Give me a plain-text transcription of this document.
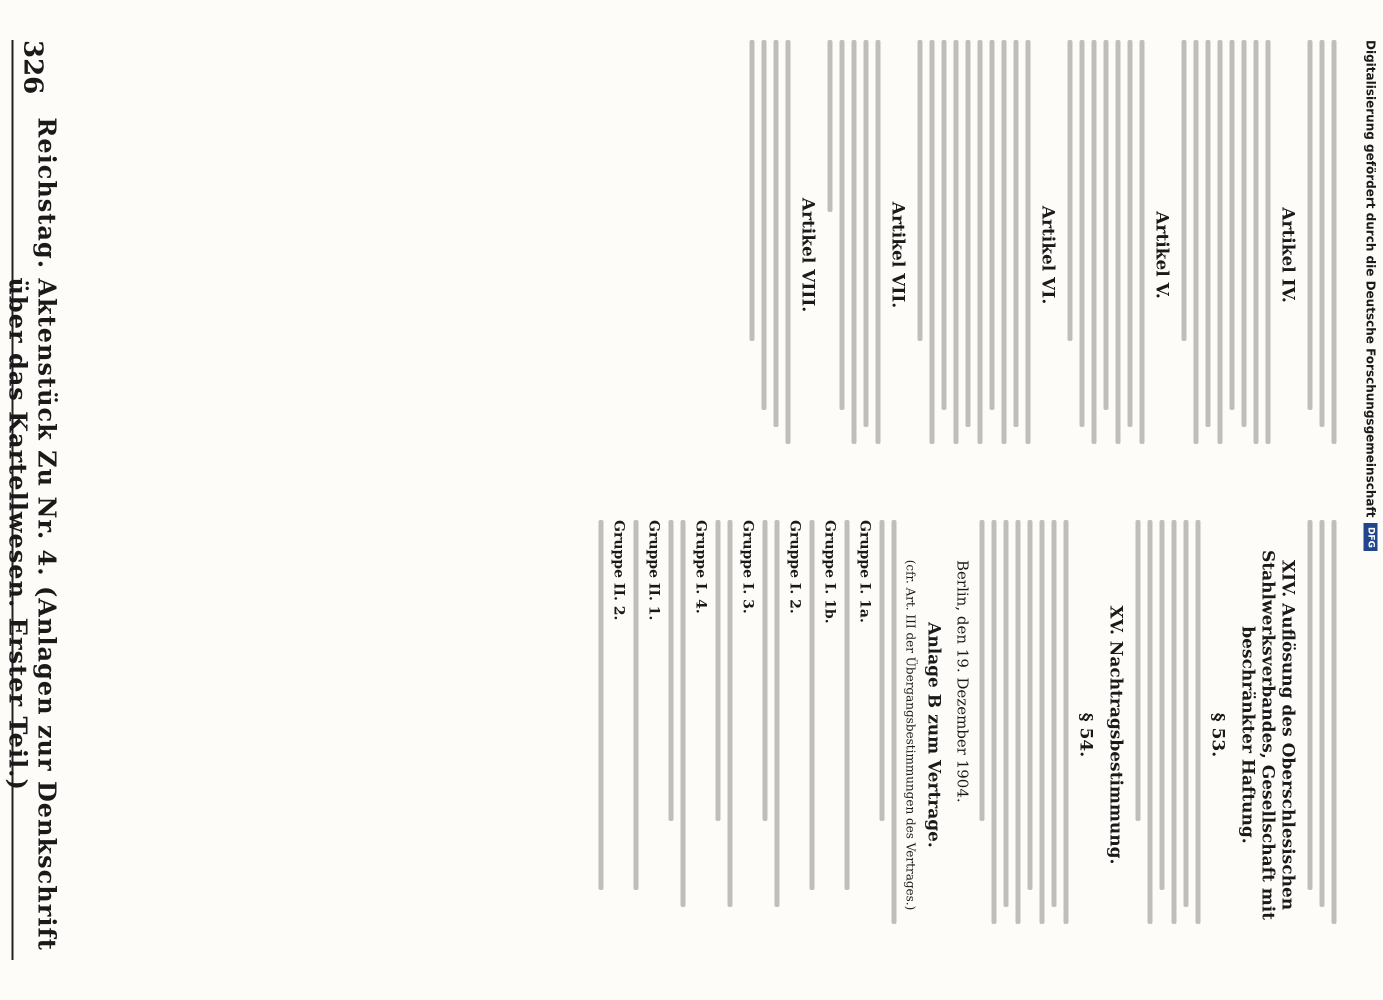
326
Reichstag. Aktenstück Zu Nr. 4. (Anlagen zur Denkschrift über das Kartellwesen. Erster Teil.)
Artikel IV.
Artikel V.
Artikel VI.
Artikel VII.
Artikel VIII.
XIV. Auflösung des Oberschlesischen Stahlwerksverbandes, Gesellschaft mit beschränkter Haftung.
§ 53.
XV. Nachtragsbestimmung.
§ 54.
Berlin, den 19. Dezember 1904.
Anlage B zum Vertrage.
(cfr. Art. III der Übergangsbestimmungen des Vertrages.)
Gruppe I. 1a.
Gruppe I. 1b.
Gruppe I. 2.
Gruppe I. 3.
Gruppe I. 4.
Gruppe II. 1.
Gruppe II. 2.
Digitalisierung gefördert durch die Deutsche Forschungsgemeinschaft
DFG
